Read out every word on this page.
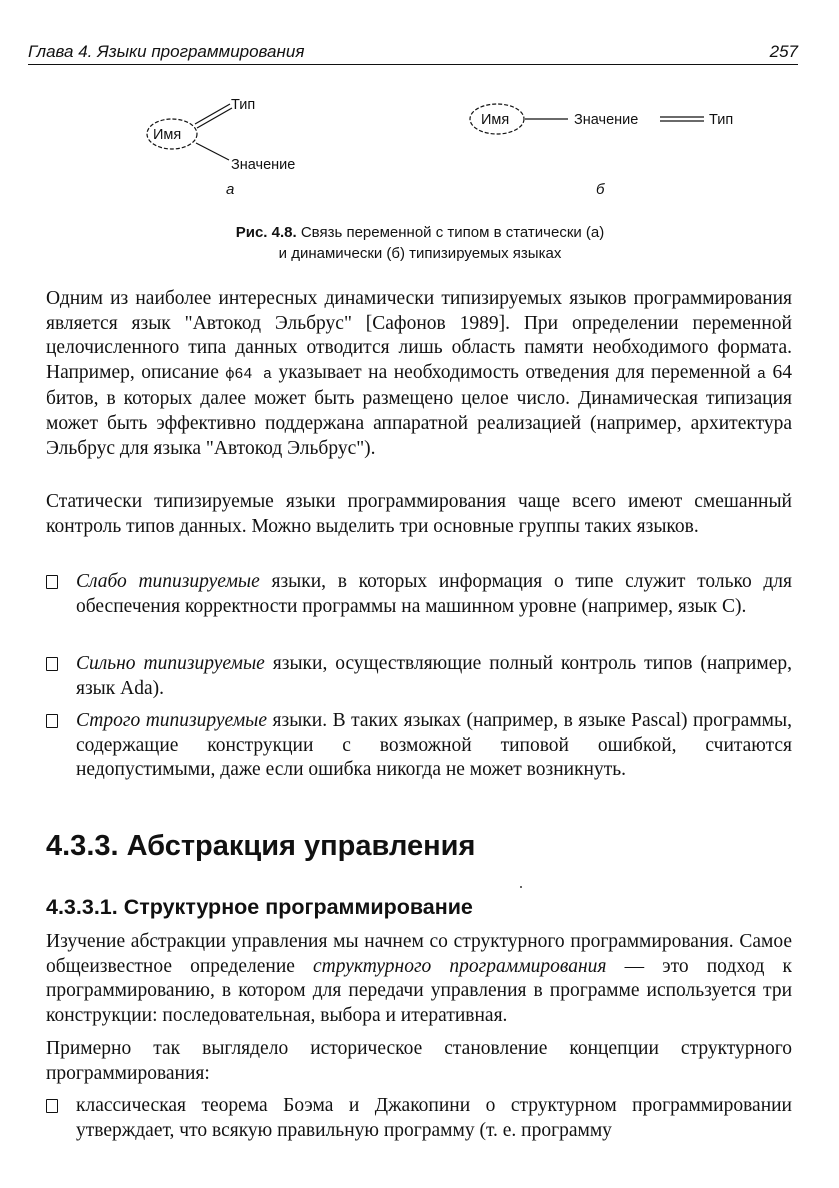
Глава 4. Языки программирования	257
Имя
Тип
Значение
а
Имя	Значение	Тип
б
Рис. 4.8. Связь переменной с типом в статически (а)
и динамически (б) типизируемых языках

Одним из наиболее интересных динамически типизируемых языков программирования является язык "Автокод Эльбрус" [Сафонов 1989]. При определении переменной целочисленного типа данных отводится лишь область памяти необходимого формата. Например, описание ф64 а указывает на необходимость отведения для переменной а 64 битов, в которых далее может быть размещено целое число. Динамическая типизация может быть эффективно поддержана аппаратной реализацией (например, архитектура Эльбрус для языка "Автокод Эльбрус").

Статически типизируемые языки программирования чаще всего имеют смешанный контроль типов данных. Можно выделить три основные группы таких языков.

Слабо типизируемые языки, в которых информация о типе служит только для обеспечения корректности программы на машинном уровне (например, язык С).

Сильно типизируемые языки, осуществляющие полный контроль типов (например, язык Ada).

Строго типизируемые языки. В таких языках (например, в языке Pascal) программы, содержащие конструкции с возможной типовой ошибкой, считаются недопустимыми, даже если ошибка никогда не может возникнуть.

4.3.3. Абстракция управления
4.3.3.1. Структурное программирование

Изучение абстракции управления мы начнем со структурного программирования. Самое общеизвестное определение структурного программирования — это подход к программированию, в котором для передачи управления в программе используется три конструкции: последовательная, выбора и итеративная.

Примерно так выглядело историческое становление концепции структурного программирования:

классическая теорема Боэма и Джакопини о структурном программировании утверждает, что всякую правильную программу (т. е. программу
